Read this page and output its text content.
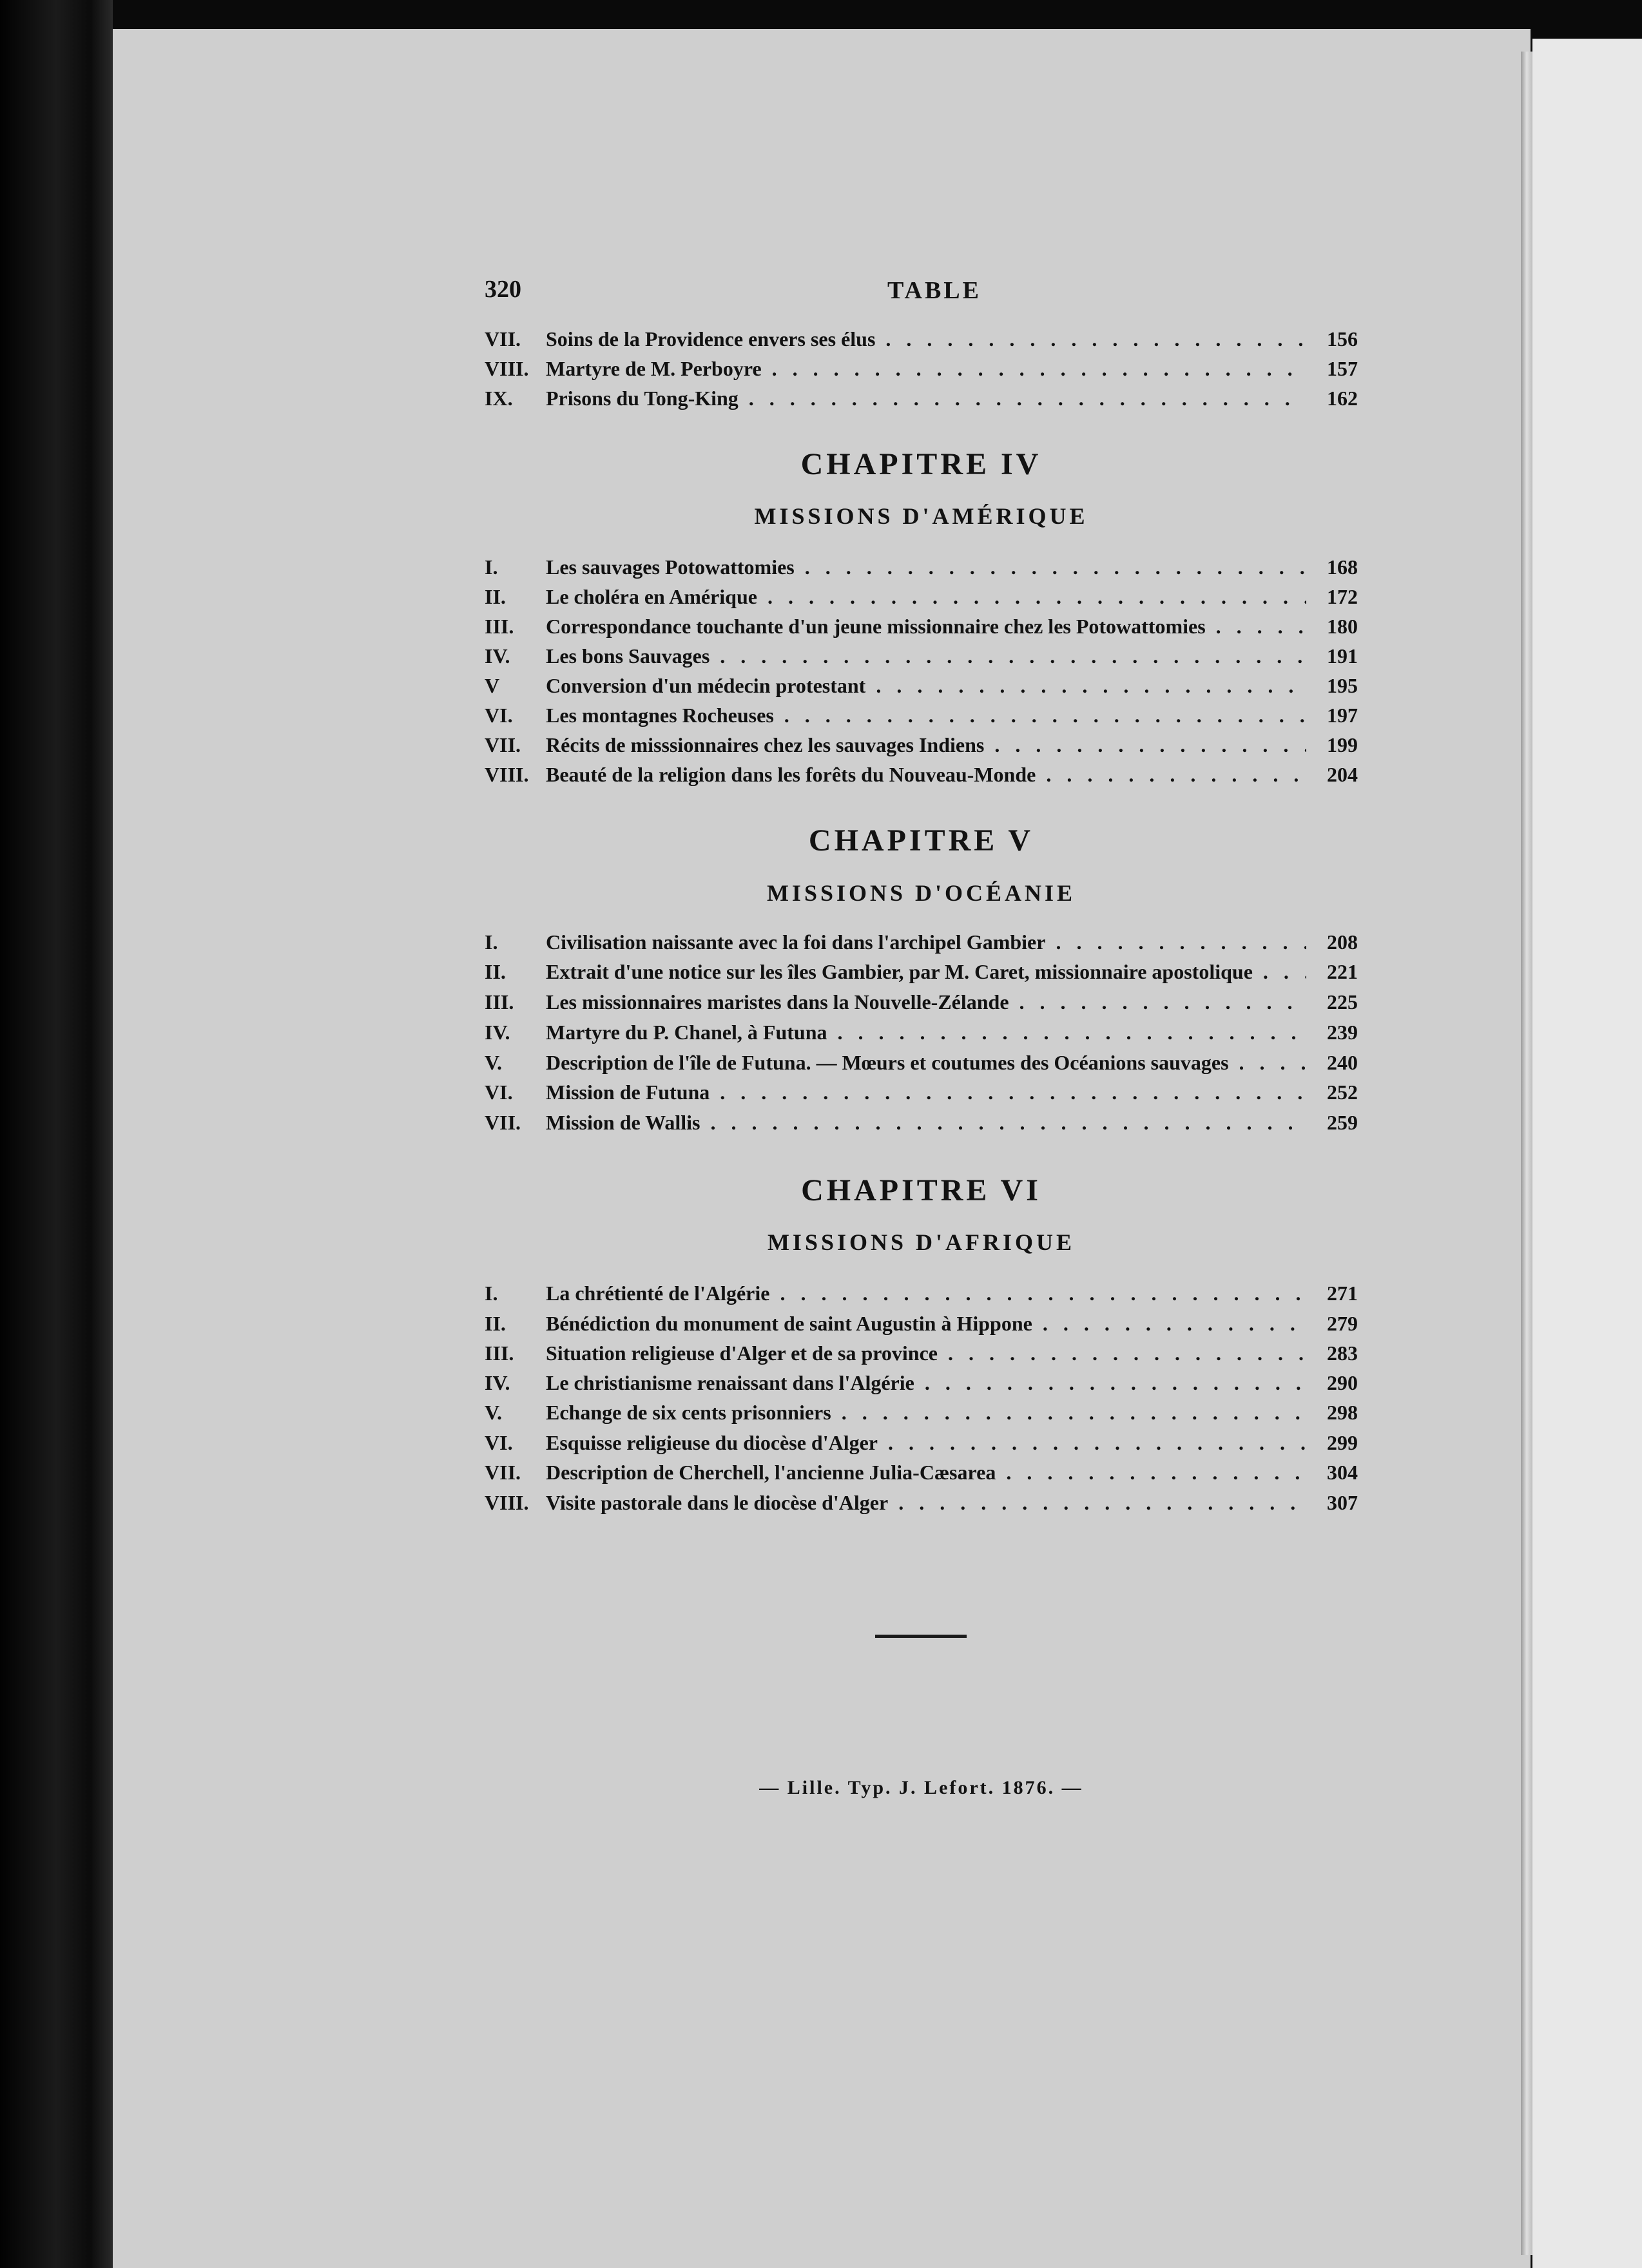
320	TABLE
VII. Soins de la Providence envers ses élus . .	156
VIII. Martyre de M. Perboyre . .	157
IX. Prisons du Tong-King . .	162
CHAPITRE IV
MISSIONS D'AMÉRIQUE
I. Les sauvages Potowattomies . .	168
II. Le choléra en Amérique . .	172
III. Correspondance touchante d'un jeune missionnaire chez les Potowattomies . .	180
IV. Les bons Sauvages . .	191
V Conversion d'un médecin protestant . .	195
VI. Les montagnes Rocheuses . .	197
VII. Récits de misssionnaires chez les sauvages Indiens . .	199
VIII. Beauté de la religion dans les forêts du Nouveau-Monde . .	204
CHAPITRE V
MISSIONS D'OCÉANIE
I. Civilisation naissante avec la foi dans l'archipel Gambier . .	208
II. Extrait d'une notice sur les îles Gambier, par M. Caret, missionnaire apostolique . .	221
III. Les missionnaires maristes dans la Nouvelle-Zélande . .	225
IV. Martyre du P. Chanel, à Futuna . .	239
V. Description de l'île de Futuna. — Mœurs et coutumes des Océanions sauvages . .	240
VI. Mission de Futuna . .	252
VII. Mission de Wallis . .	259
CHAPITRE VI
MISSIONS D'AFRIQUE
I. La chrétienté de l'Algérie . .	271
II. Bénédiction du monument de saint Augustin à Hippone . .	279
III. Situation religieuse d'Alger et de sa province . .	283
IV. Le christianisme renaissant dans l'Algérie . .	290
V. Echange de six cents prisonniers . .	298
VI. Esquisse religieuse du diocèse d'Alger . .	299
VII. Description de Cherchell, l'ancienne Julia-Cæsarea . .	304
VIII. Visite pastorale dans le diocèse d'Alger . .	307
— Lille. Typ. J. Lefort. 1876. —
